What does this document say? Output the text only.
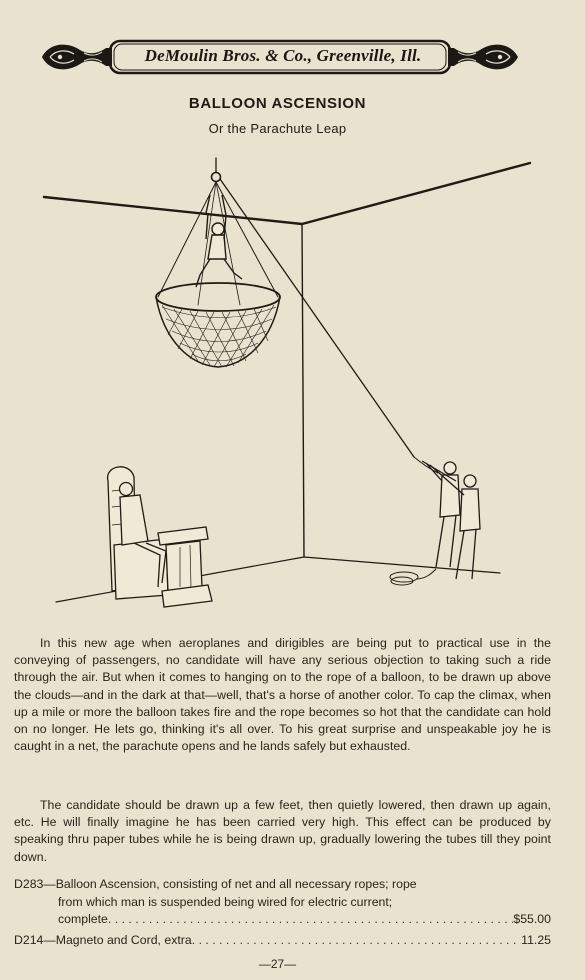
DeMoulin Bros. & Co., Greenville, Ill.
BALLOON ASCENSION
Or the Parachute Leap
In this new age when aeroplanes and dirigibles are being put to practical use in the conveying of passengers, no candidate will have any serious objection to taking such a ride through the air. But when it comes to hanging on to the rope of a balloon, to be drawn up above the clouds—and in the dark at that—well, that's a horse of another color. To cap the climax, when up a mile or more the balloon takes fire and the rope becomes so hot that the candidate can hold on no longer. He lets go, thinking it's all over. To his great surprise and unspeakable joy he is caught in a net, the parachute opens and he lands safely but exhausted.
The candidate should be drawn up a few feet, then quietly lowered, then drawn up again, etc. He will finally imagine he has been carried very high. This effect can be produced by speaking thru paper tubes while he is being drawn up, gradually lowering the tubes till they point down.
D283—Balloon Ascension, consisting of net and all necessary ropes; rope
from which man is suspended being wired for electric current;
complete . . .	$55.00
D214—Magneto and Cord, extra . . .	11.25
—27—
